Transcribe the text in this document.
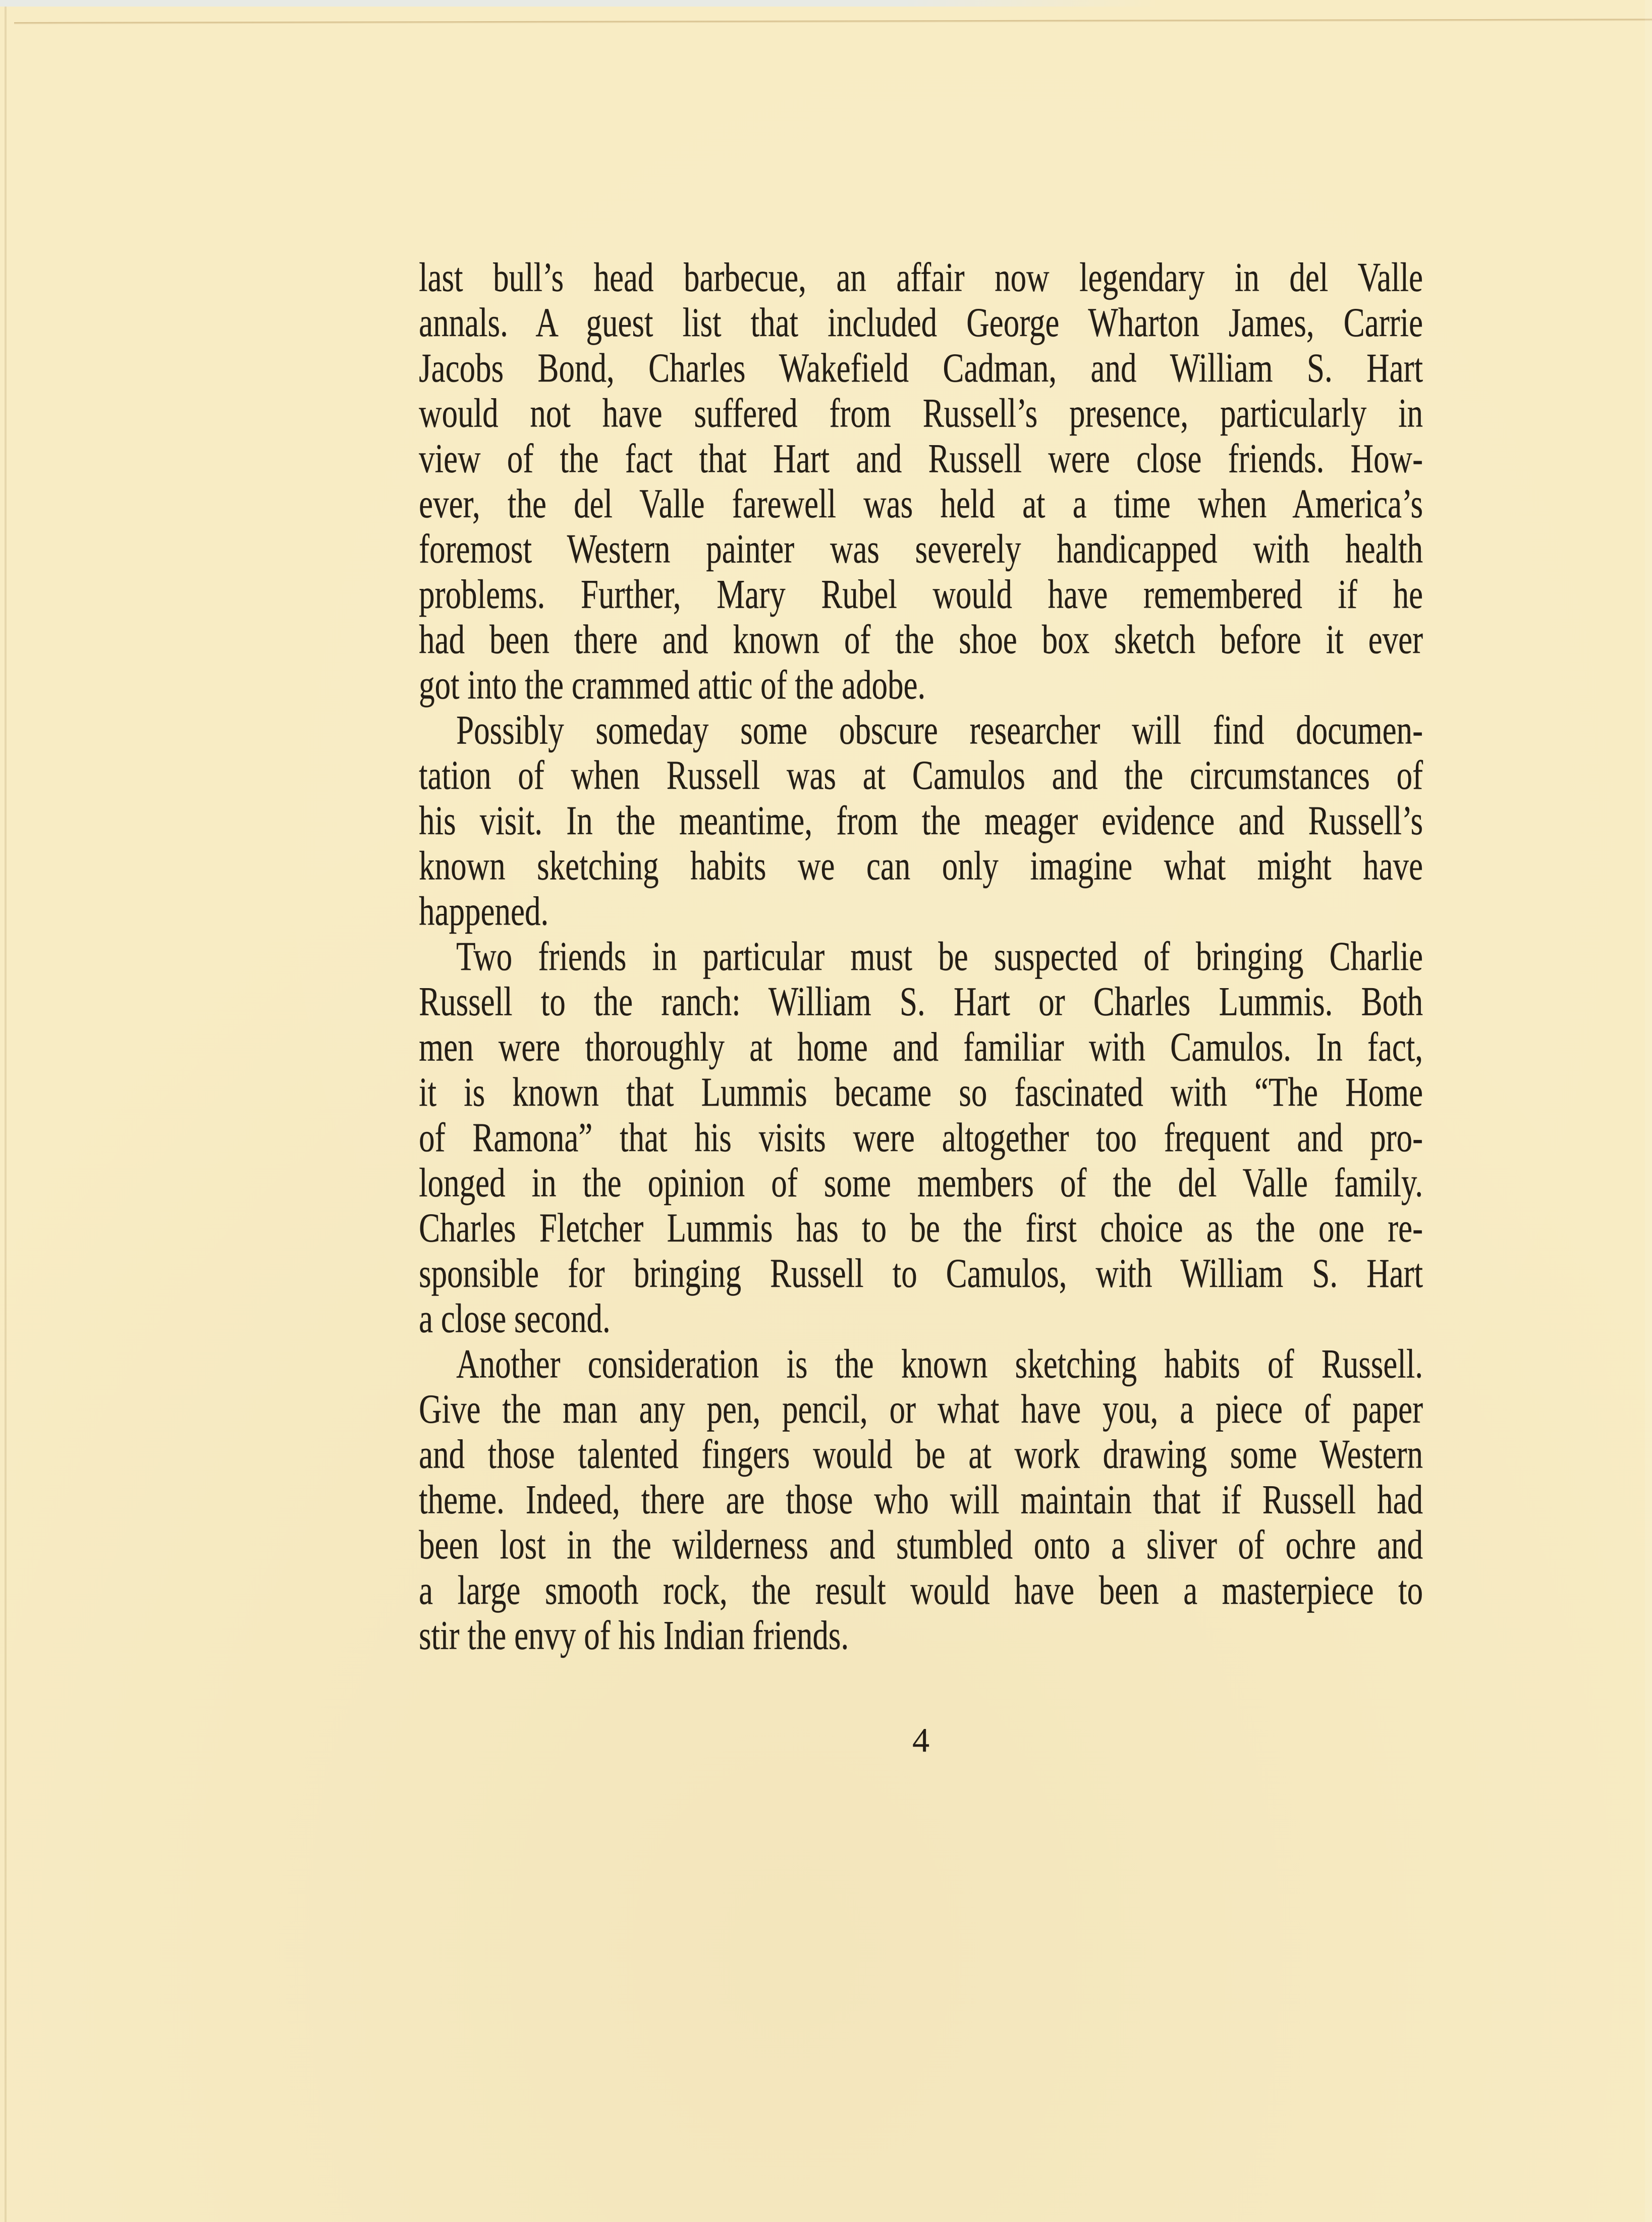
last bull’s head barbecue, an affair now legendary in del Valle
annals. A guest list that included George Wharton James, Carrie
Jacobs Bond, Charles Wakefield Cadman, and William S. Hart
would not have suffered from Russell’s presence, particularly in
view of the fact that Hart and Russell were close friends. How-
ever, the del Valle farewell was held at a time when America’s
foremost Western painter was severely handicapped with health
problems. Further, Mary Rubel would have remembered if he
had been there and known of the shoe box sketch before it ever
got into the crammed attic of the adobe.
Possibly someday some obscure researcher will find documen-
tation of when Russell was at Camulos and the circumstances of
his visit. In the meantime, from the meager evidence and Russell’s
known sketching habits we can only imagine what might have
happened.
Two friends in particular must be suspected of bringing Charlie
Russell to the ranch: William S. Hart or Charles Lummis. Both
men were thoroughly at home and familiar with Camulos. In fact,
it is known that Lummis became so fascinated with “The Home
of Ramona” that his visits were altogether too frequent and pro-
longed in the opinion of some members of the del Valle family.
Charles Fletcher Lummis has to be the first choice as the one re-
sponsible for bringing Russell to Camulos, with William S. Hart
a close second.
Another consideration is the known sketching habits of Russell.
Give the man any pen, pencil, or what have you, a piece of paper
and those talented fingers would be at work drawing some Western
theme. Indeed, there are those who will maintain that if Russell had
been lost in the wilderness and stumbled onto a sliver of ochre and
a large smooth rock, the result would have been a masterpiece to
stir the envy of his Indian friends.
4
